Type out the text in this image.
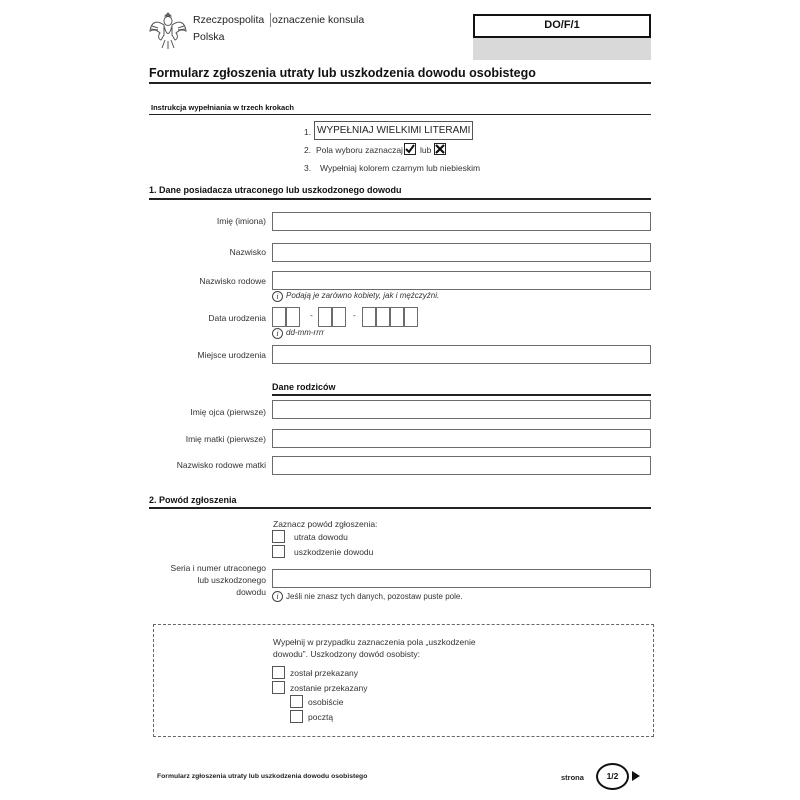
Rzeczpospolita
Polska
oznaczenie konsula	DO/F/1
Formularz zgłoszenia utraty lub uszkodzenia dowodu osobistego
Instrukcja wypełniania w trzech krokach
1. WYPEŁNIAJ WIELKIMI LITERAMI
2. Pola wyboru zaznaczaj lub
3. Wypełniaj kolorem czarnym lub niebieskim
1. Dane posiadacza utraconego lub uszkodzonego dowodu
Imię (imiona)
Nazwisko
Nazwisko rodowe
i Podają je zarówno kobiety, jak i mężczyźni.
Data urodzenia	-	-
i dd-mm-rrrr
Miejsce urodzenia
Dane rodziców
Imię ojca (pierwsze)
Imię matki (pierwsze)
Nazwisko rodowe matki
2. Powód zgłoszenia
Zaznacz powód zgłoszenia:
utrata dowodu
uszkodzenie dowodu
Seria i numer utraconego
lub uszkodzonego
dowodu	i Jeśli nie znasz tych danych, pozostaw puste pole.
Wypełnij w przypadku zaznaczenia pola „uszkodzenie
dowodu”. Uszkodzony dowód osobisty:
został przekazany
zostanie przekazany
osobiście
pocztą
Formularz zgłoszenia utraty lub uszkodzenia dowodu osobistego	strona	1/2
